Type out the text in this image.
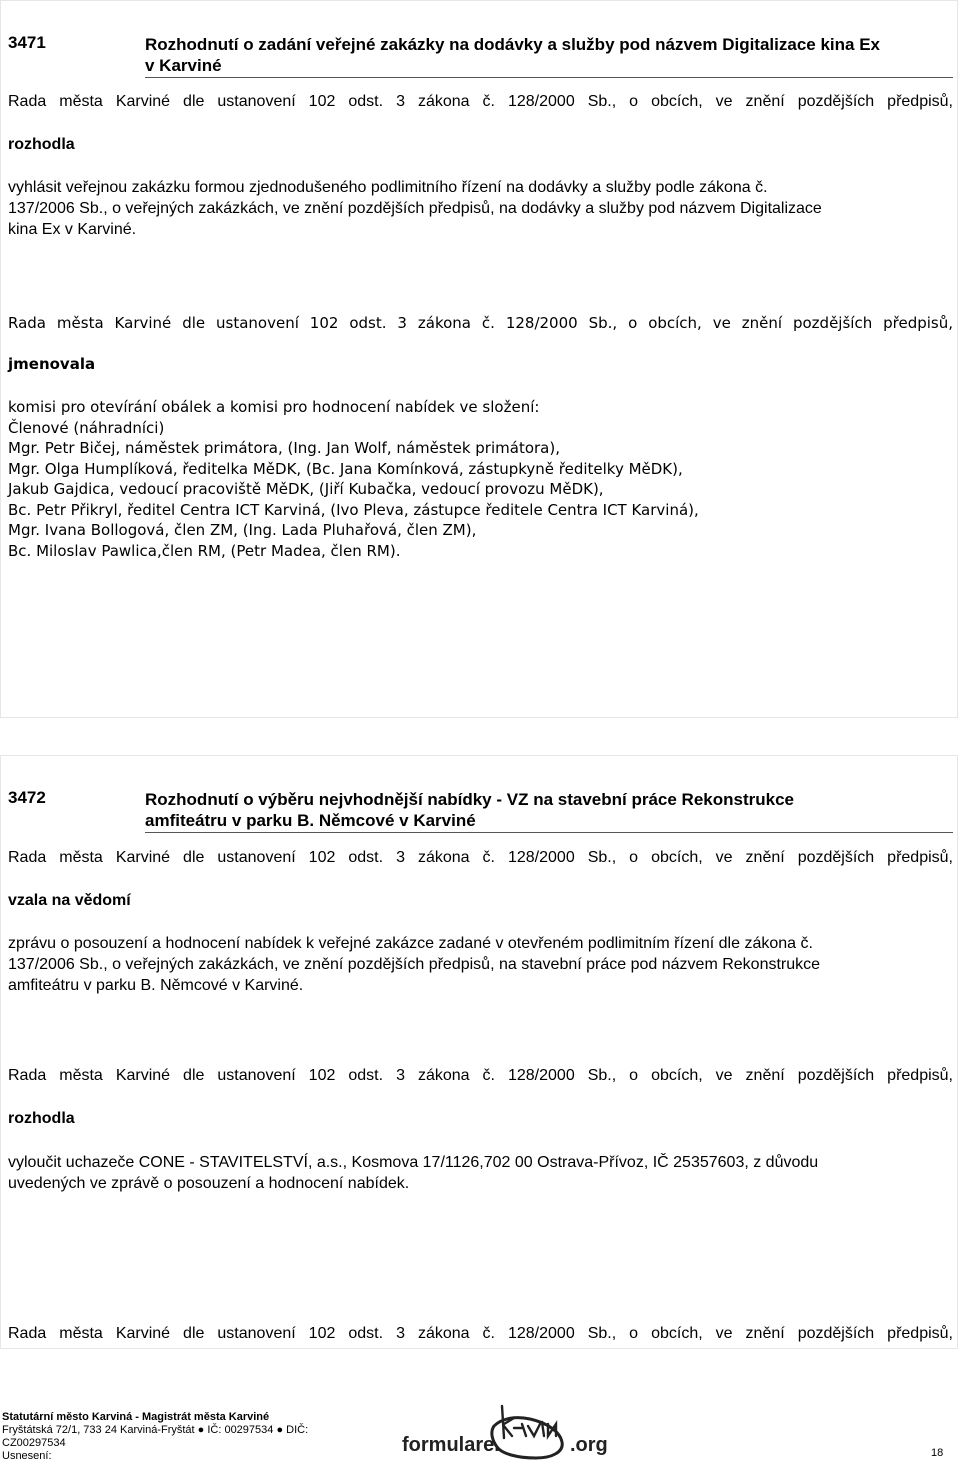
3471	Rozhodnutí o zadání veřejné zakázky na dodávky a služby pod názvem Digitalizace kina Ex
v Karviné
Rada města Karviné dle ustanovení 102 odst. 3 zákona č. 128/2000 Sb., o obcích, ve znění pozdějších předpisů,
rozhodla
vyhlásit veřejnou zakázku formou zjednodušeného podlimitního řízení na dodávky a služby podle zákona č.
137/2006 Sb., o veřejných zakázkách, ve znění pozdějších předpisů, na dodávky a služby pod názvem Digitalizace
kina Ex v Karviné.
Rada města Karviné dle ustanovení 102 odst. 3 zákona č. 128/2000 Sb., o obcích, ve znění pozdějších předpisů,
jmenovala
komisi pro otevírání obálek a komisi pro hodnocení nabídek ve složení:
Členové (náhradníci)
Mgr. Petr Bičej, náměstek primátora, (Ing. Jan Wolf, náměstek primátora),
Mgr. Olga Humplíková, ředitelka MěDK, (Bc. Jana Komínková, zástupkyně ředitelky MěDK),
Jakub Gajdica, vedoucí pracoviště MěDK, (Jiří Kubačka, vedoucí provozu MěDK),
Bc. Petr Přikryl, ředitel Centra ICT Karviná, (Ivo Pleva, zástupce ředitele Centra ICT Karviná),
Mgr. Ivana Bollogová, člen ZM, (Ing. Lada Pluhařová, člen ZM),
Bc. Miloslav Pawlica,člen RM, (Petr Madea, člen RM).
3472	Rozhodnutí o výběru nejvhodnější nabídky - VZ na stavební práce Rekonstrukce
amfiteátru v parku B. Němcové v Karviné
Rada města Karviné dle ustanovení 102 odst. 3 zákona č. 128/2000 Sb., o obcích, ve znění pozdějších předpisů,
vzala na vědomí
zprávu o posouzení a hodnocení nabídek k veřejné zakázce zadané v otevřeném podlimitním řízení dle zákona č.
137/2006 Sb., o veřejných zakázkách, ve znění pozdějších předpisů, na stavební práce pod názvem Rekonstrukce
amfiteátru v parku B. Němcové v Karviné.
Rada města Karviné dle ustanovení 102 odst. 3 zákona č. 128/2000 Sb., o obcích, ve znění pozdějších předpisů,
rozhodla
vyloučit uchazeče CONE - STAVITELSTVÍ, a.s., Kosmova 17/1126,702 00 Ostrava-Přívoz, IČ 25357603, z důvodu
uvedených ve zprávě o posouzení a hodnocení nabídek.
Rada města Karviné dle ustanovení 102 odst. 3 zákona č. 128/2000 Sb., o obcích, ve znění pozdějších předpisů,
Statutární město Karviná - Magistrát města Karviné
Fryštátská 72/1, 733 24 Karviná-Fryštát ● IČ: 00297534 ● DIČ:
CZ00297534
Usnesení:	formulare.	.org	18
